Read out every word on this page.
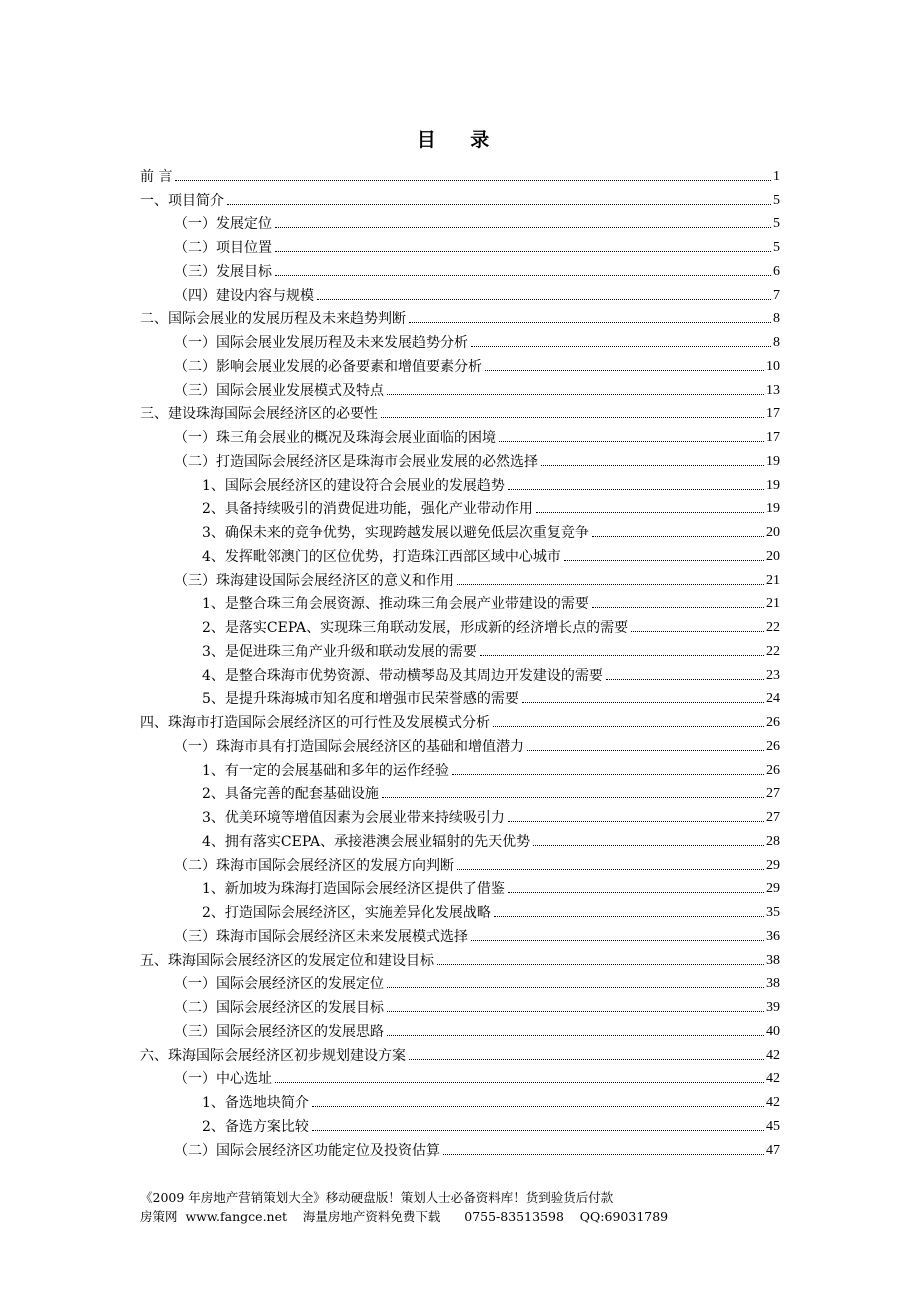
目 录
前 言	1
一、项目简介	5
（一）发展定位	5
（二）项目位置	5
（三）发展目标	6
（四）建设内容与规模	7
二、国际会展业的发展历程及未来趋势判断	8
（一）国际会展业发展历程及未来发展趋势分析	8
（二）影响会展业发展的必备要素和增值要素分析	10
（三）国际会展业发展模式及特点	13
三、建设珠海国际会展经济区的必要性	17
（一）珠三角会展业的概况及珠海会展业面临的困境	17
（二）打造国际会展经济区是珠海市会展业发展的必然选择	19
1、国际会展经济区的建设符合会展业的发展趋势	19
2、具备持续吸引的消费促进功能，强化产业带动作用	19
3、确保未来的竞争优势，实现跨越发展以避免低层次重复竞争	20
4、发挥毗邻澳门的区位优势，打造珠江西部区域中心城市	20
（三）珠海建设国际会展经济区的意义和作用	21
1、是整合珠三角会展资源、推动珠三角会展产业带建设的需要	21
2、是落实CEPA、实现珠三角联动发展，形成新的经济增长点的需要	22
3、是促进珠三角产业升级和联动发展的需要	22
4、是整合珠海市优势资源、带动横琴岛及其周边开发建设的需要	23
5、是提升珠海城市知名度和增强市民荣誉感的需要	24
四、珠海市打造国际会展经济区的可行性及发展模式分析	26
（一）珠海市具有打造国际会展经济区的基础和增值潜力	26
1、有一定的会展基础和多年的运作经验	26
2、具备完善的配套基础设施	27
3、优美环境等增值因素为会展业带来持续吸引力	27
4、拥有落实CEPA、承接港澳会展业辐射的先天优势	28
（二）珠海市国际会展经济区的发展方向判断	29
1、新加坡为珠海打造国际会展经济区提供了借鉴	29
2、打造国际会展经济区，实施差异化发展战略	35
（三）珠海市国际会展经济区未来发展模式选择	36
五、珠海国际会展经济区的发展定位和建设目标	38
（一）国际会展经济区的发展定位	38
（二）国际会展经济区的发展目标	39
（三）国际会展经济区的发展思路	40
六、珠海国际会展经济区初步规划建设方案	42
（一）中心选址	42
1、备选地块简介	42
2、备选方案比较	45
（二）国际会展经济区功能定位及投资估算	47
《2009 年房地产营销策划大全》移动硬盘版！策划人士必备资料库！货到验货后付款
房策网  www.fangce.net    海量房地产资料免费下载      0755-83513598    QQ:69031789
